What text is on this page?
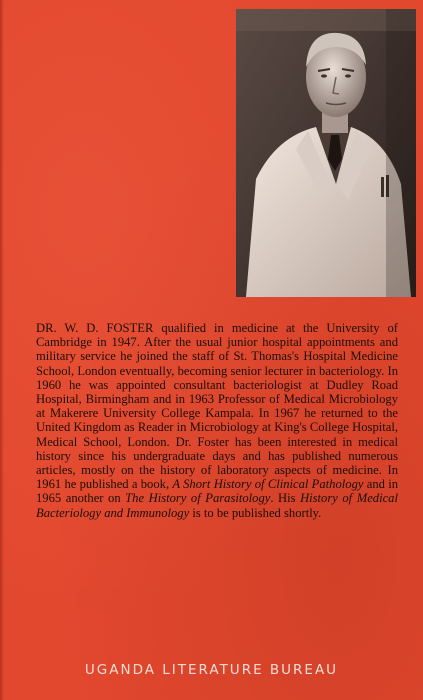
DR. W. D. FOSTER qualified in medicine at the University of Cambridge in 1947. After the usual junior hospital appointments and military service he joined the staff of St. Thomas's Hospital Medicine School, London eventually, becoming senior lecturer in bacteriology. In 1960 he was appointed consultant bacteriologist at Dudley Road Hospital, Birmingham and in 1963 Professor of Medical Microbiology at Makerere University College Kampala. In 1967 he returned to the United Kingdom as Reader in Microbiology at King's College Hospital, Medical School, London. Dr. Foster has been interested in medical history since his undergraduate days and has published numerous articles, mostly on the history of laboratory aspects of medicine. In 1961 he published a book, A Short History of Clinical Pathology and in 1965 another on The History of Parasitology. His History of Medical Bacteriology and Immunology is to be published shortly.

UGANDA LITERATURE BUREAU
